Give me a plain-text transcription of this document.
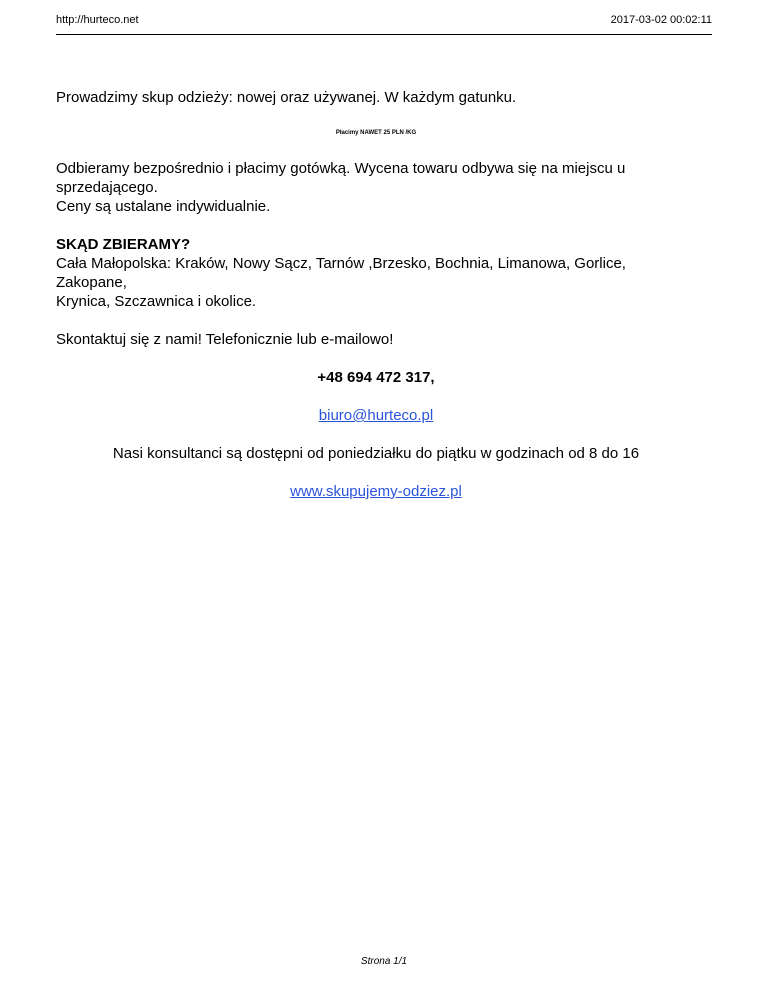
http://hurteco.net	2017-03-02 00:02:11

Prowadzimy skup odzieży: nowej oraz używanej. W każdym gatunku.

Płacimy NAWET 25 PLN /KG

Odbieramy bezpośrednio i płacimy gotówką. Wycena towaru odbywa się na miejscu u sprzedającego.

Ceny są ustalane indywidualnie.

SKĄD ZBIERAMY?

Cała Małopolska: Kraków, Nowy Sącz, Tarnów ,Brzesko, Bochnia, Limanowa, Gorlice, Zakopane,

Krynica, Szczawnica i okolice.

Skontaktuj się z nami! Telefonicznie lub e-mailowo!

+48 694 472 317,

biuro@hurteco.pl

Nasi konsultanci są dostępni od poniedziałku do piątku w godzinach od 8 do 16

www.skupujemy-odziez.pl

Strona 1/1
